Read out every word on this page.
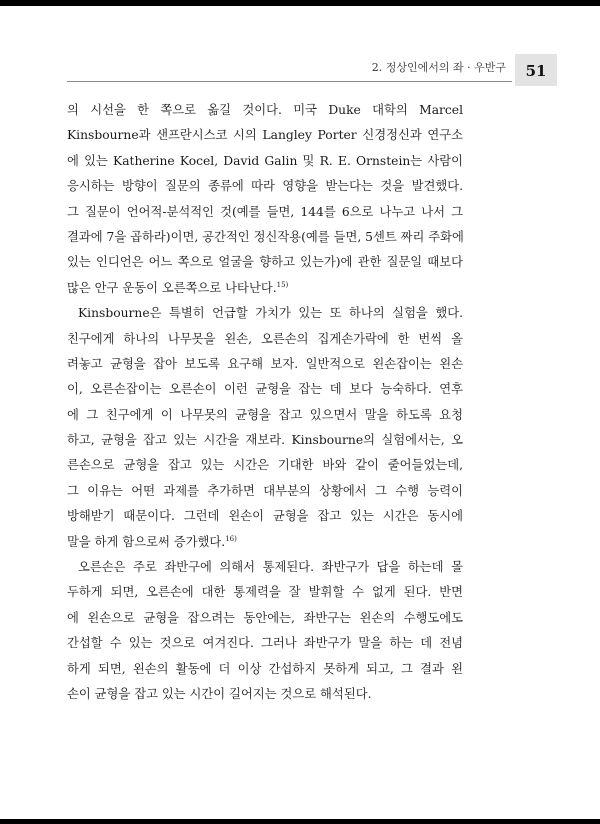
2. 정상인에서의 좌 · 우반구	51
의 시선을 한 쪽으로 옮길 것이다. 미국 Duke 대학의 Marcel
Kinsbourne과 샌프란시스코 시의 Langley Porter 신경정신과 연구소
에 있는 Katherine Kocel, David Galin 및 R. E. Ornstein는 사람이
응시하는 방향이 질문의 종류에 따라 영향을 받는다는 것을 발견했다.
그 질문이 언어적-분석적인 것(예를 들면, 144를 6으로 나누고 나서 그
결과에 7을 곱하라)이면, 공간적인 정신작용(예를 들면, 5센트 짜리 주화에
있는 인디언은 어느 쪽으로 얼굴을 향하고 있는가)에 관한 질문일 때보다
많은 안구 운동이 오른쪽으로 나타난다.$^{15)}$
Kinsbourne은 특별히 언급할 가치가 있는 또 하나의 실험을 했다.
친구에게 하나의 나무못을 왼손, 오른손의 집게손가락에 한 번씩 올
려놓고 균형을 잡아 보도록 요구해 보자. 일반적으로 왼손잡이는 왼손
이, 오른손잡이는 오른손이 이런 균형을 잡는 데 보다 능숙하다. 연후
에 그 친구에게 이 나무못의 균형을 잡고 있으면서 말을 하도록 요청
하고, 균형을 잡고 있는 시간을 재보라. Kinsbourne의 실험에서는, 오
른손으로 균형을 잡고 있는 시간은 기대한 바와 같이 줄어들었는데,
그 이유는 어떤 과제를 추가하면 대부분의 상황에서 그 수행 능력이
방해받기 때문이다. 그런데 왼손이 균형을 잡고 있는 시간은 동시에
말을 하게 함으로써 증가했다.$^{16)}$
오른손은 주로 좌반구에 의해서 통제된다. 좌반구가 답을 하는데 몰
두하게 되면, 오른손에 대한 통제력을 잘 발휘할 수 없게 된다. 반면
에 왼손으로 균형을 잡으려는 동안에는, 좌반구는 왼손의 수행도에도
간섭할 수 있는 것으로 여겨진다. 그러나 좌반구가 말을 하는 데 전념
하게 되면, 왼손의 활동에 더 이상 간섭하지 못하게 되고, 그 결과 왼
손이 균형을 잡고 있는 시간이 길어지는 것으로 해석된다.
